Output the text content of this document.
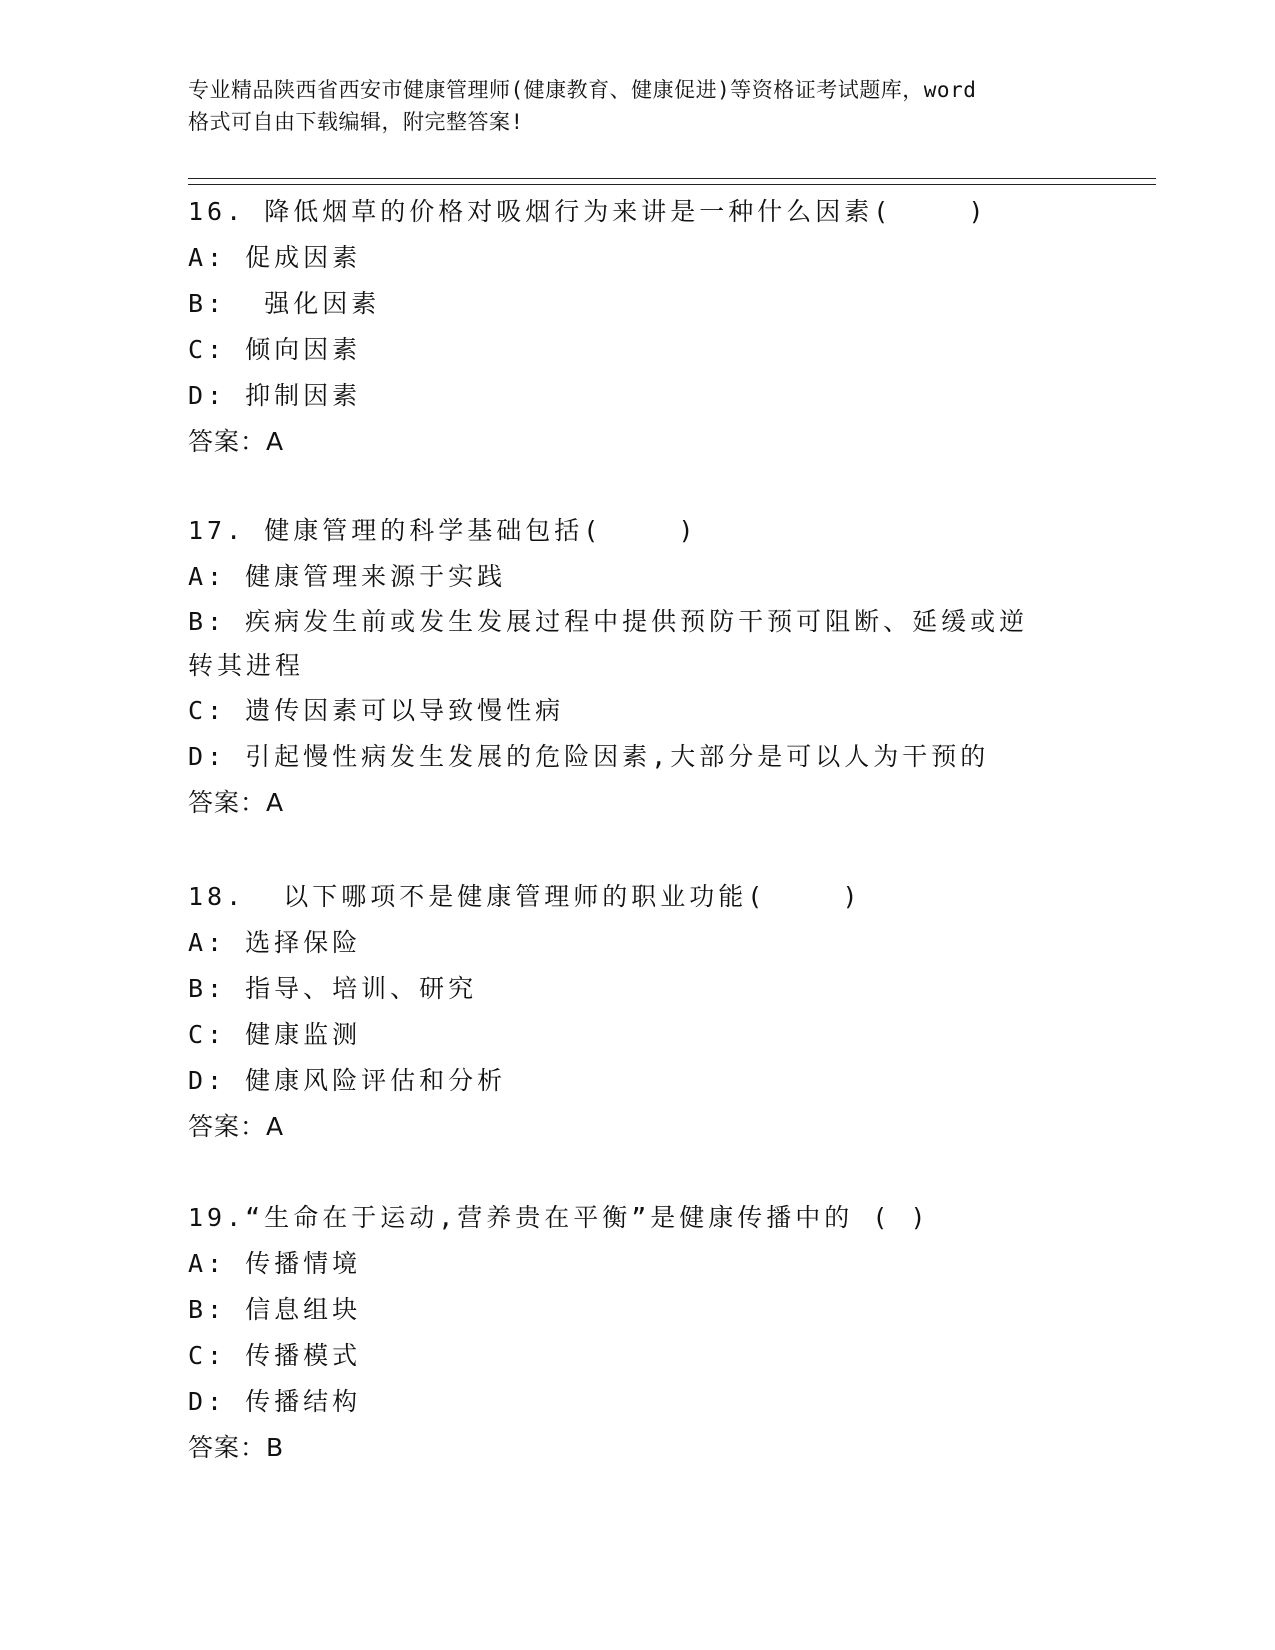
专业精品陕西省西安市健康管理师(健康教育、健康促进)等资格证考试题库，word
格式可自由下载编辑，附完整答案!
16. 降低烟草的价格对吸烟行为来讲是一种什么因素(    )
A: 促成因素
B:  强化因素
C: 倾向因素
D: 抑制因素
答案：A
17. 健康管理的科学基础包括(    )
A: 健康管理来源于实践
B: 疾病发生前或发生发展过程中提供预防干预可阻断、延缓或逆转其进程
C: 遗传因素可以导致慢性病
D: 引起慢性病发生发展的危险因素,大部分是可以人为干预的
答案：A
18.  以下哪项不是健康管理师的职业功能(    )
A: 选择保险
B: 指导、培训、研究
C: 健康监测
D: 健康风险评估和分析
答案：A
19.“生命在于运动,营养贵在平衡”是健康传播中的 ( )
A: 传播情境
B: 信息组块
C: 传播模式
D: 传播结构
答案：B
